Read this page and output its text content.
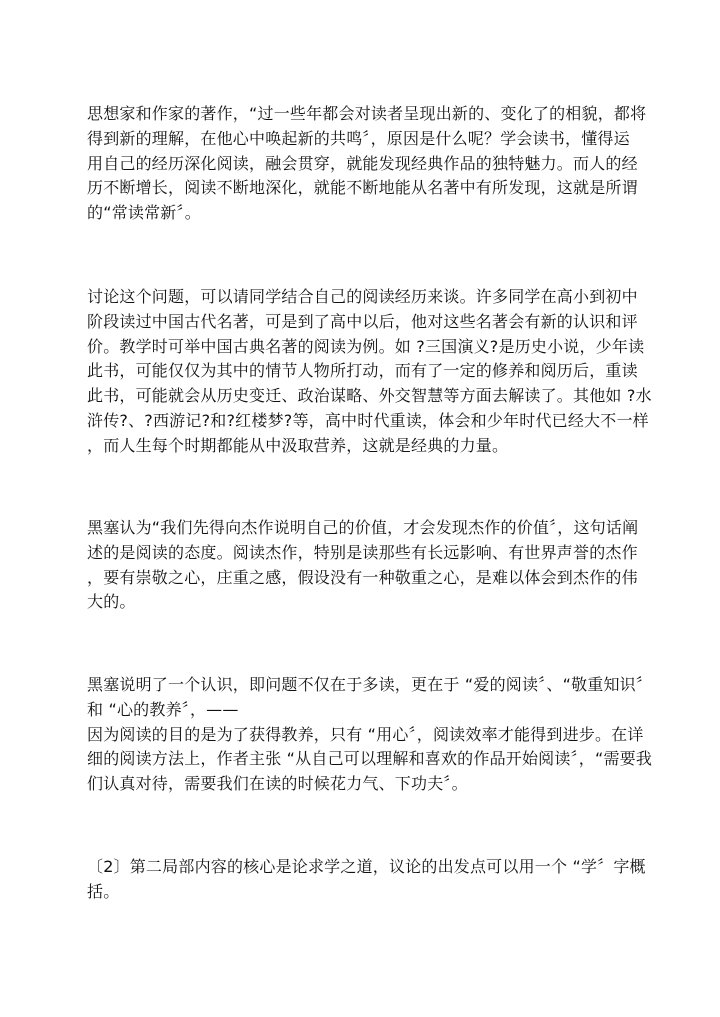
思想家和作家的著作，“过一些年都会对读者呈现出新的、变化了的相貌，都将
得到新的理解，在他心中唤起新的共鸣〞，原因是什么呢？学会读书，懂得运
用自己的经历深化阅读，融会贯穿，就能发现经典作品的独特魅力。而人的经
历不断增长，阅读不断地深化，就能不断地能从名著中有所发现，这就是所谓
的“常读常新〞。

讨论这个问题，可以请同学结合自己的阅读经历来谈。许多同学在高小到初中
阶段读过中国古代名著，可是到了高中以后，他对这些名著会有新的认识和评
价。教学时可举中国古典名著的阅读为例。如 ?三国演义?是历史小说，少年读
此书，可能仅仅为其中的情节人物所打动，而有了一定的修养和阅历后，重读
此书，可能就会从历史变迁、政治谋略、外交智慧等方面去解读了。其他如 ?水
浒传?、?西游记?和?红楼梦?等，高中时代重读，体会和少年时代已经大不一样
，而人生每个时期都能从中汲取营养，这就是经典的力量。

黑塞认为“我们先得向杰作说明自己的价值，才会发现杰作的价值〞，这句话阐
述的是阅读的态度。阅读杰作，特别是读那些有长远影响、有世界声誉的杰作
，要有崇敬之心，庄重之感，假设没有一种敬重之心，是难以体会到杰作的伟
大的。

黑塞说明了一个认识，即问题不仅在于多读，更在于 “爱的阅读〞、“敬重知识〞
和 “心的教养〞，——
因为阅读的目的是为了获得教养，只有 “用心〞，阅读效率才能得到进步。在详
细的阅读方法上，作者主张 “从自己可以理解和喜欢的作品开始阅读〞，“需要我
们认真对待，需要我们在读的时候花力气、下功夫〞。

〔2〕第二局部内容的核心是论求学之道，议论的出发点可以用一个 “学〞字概
括。
